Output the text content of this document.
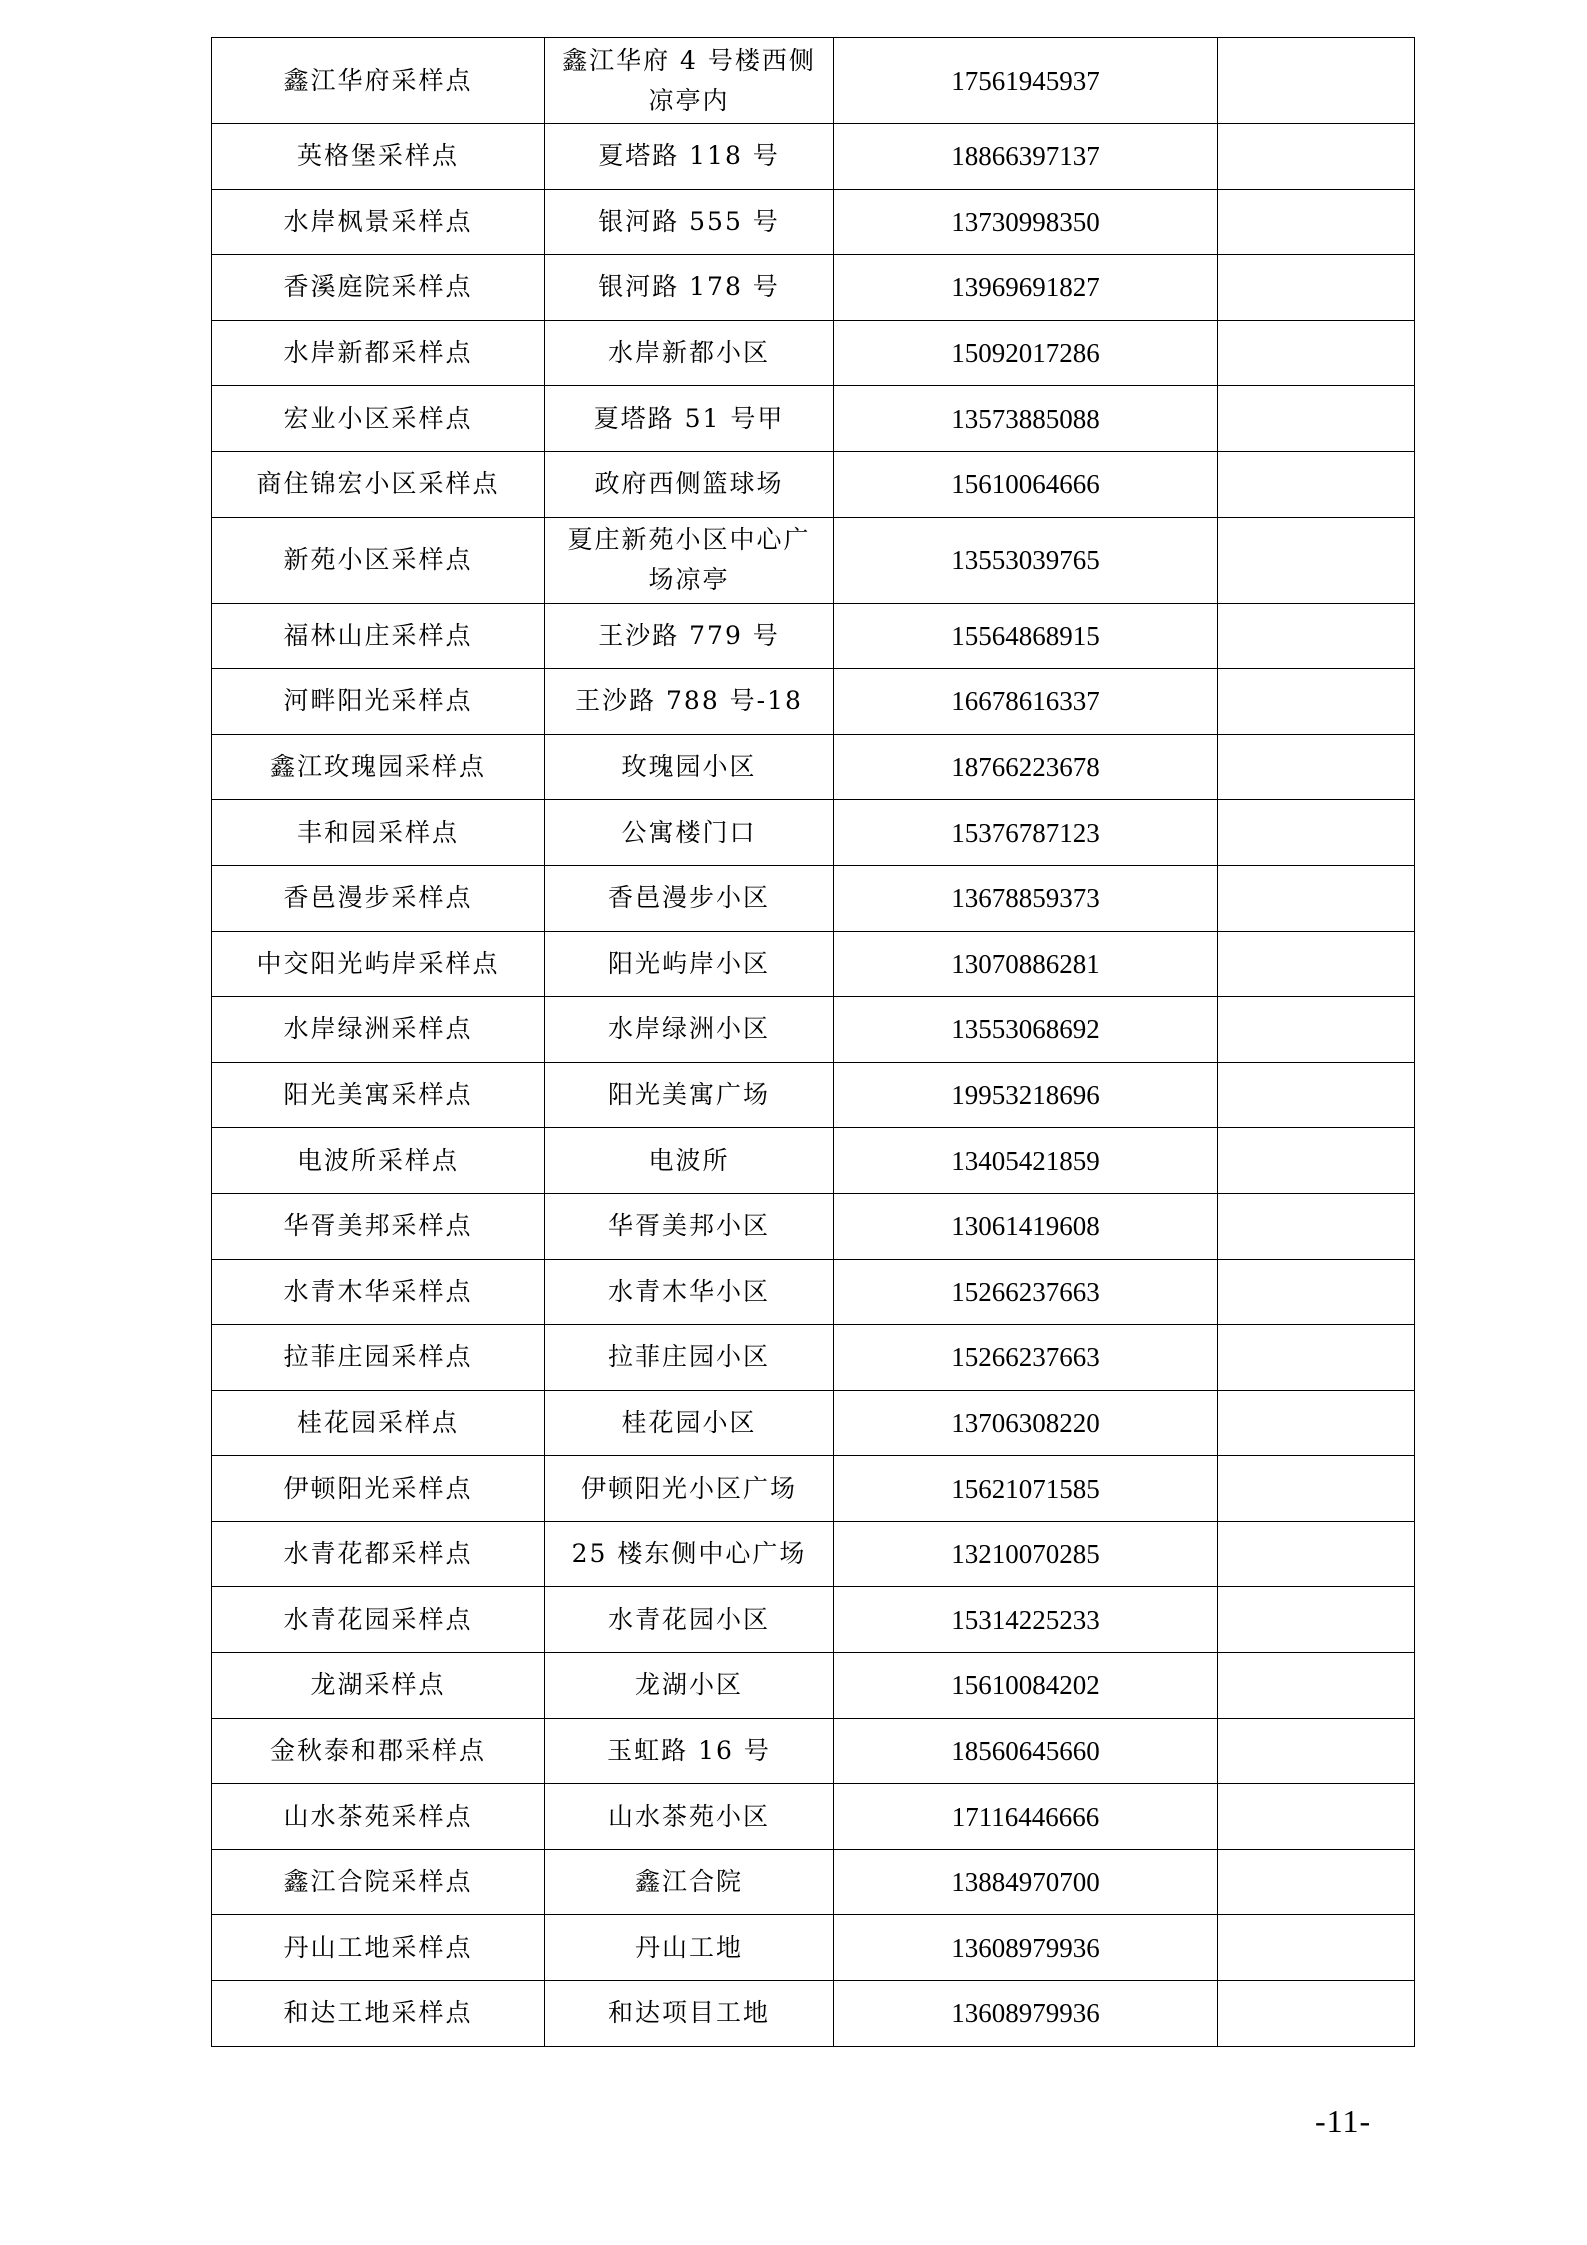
鑫江华府采样点	鑫江华府 4 号楼西侧凉亭内	17561945937	
英格堡采样点	夏塔路 118 号	18866397137	
水岸枫景采样点	银河路 555 号	13730998350	
香溪庭院采样点	银河路 178 号	13969691827	
水岸新都采样点	水岸新都小区	15092017286	
宏业小区采样点	夏塔路 51 号甲	13573885088	
商住锦宏小区采样点	政府西侧篮球场	15610064666	
新苑小区采样点	夏庄新苑小区中心广场凉亭	13553039765	
福林山庄采样点	王沙路 779 号	15564868915	
河畔阳光采样点	王沙路 788 号-18	16678616337	
鑫江玫瑰园采样点	玫瑰园小区	18766223678	
丰和园采样点	公寓楼门口	15376787123	
香邑漫步采样点	香邑漫步小区	13678859373	
中交阳光屿岸采样点	阳光屿岸小区	13070886281	
水岸绿洲采样点	水岸绿洲小区	13553068692	
阳光美寓采样点	阳光美寓广场	19953218696	
电波所采样点	电波所	13405421859	
华胥美邦采样点	华胥美邦小区	13061419608	
水青木华采样点	水青木华小区	15266237663	
拉菲庄园采样点	拉菲庄园小区	15266237663	
桂花园采样点	桂花园小区	13706308220	
伊顿阳光采样点	伊顿阳光小区广场	15621071585	
水青花都采样点	25 楼东侧中心广场	13210070285	
水青花园采样点	水青花园小区	15314225233	
龙湖采样点	龙湖小区	15610084202	
金秋泰和郡采样点	玉虹路 16 号	18560645660	
山水茶苑采样点	山水茶苑小区	17116446666	
鑫江合院采样点	鑫江合院	13884970700	
丹山工地采样点	丹山工地	13608979936	
和达工地采样点	和达项目工地	13608979936	
-11-
